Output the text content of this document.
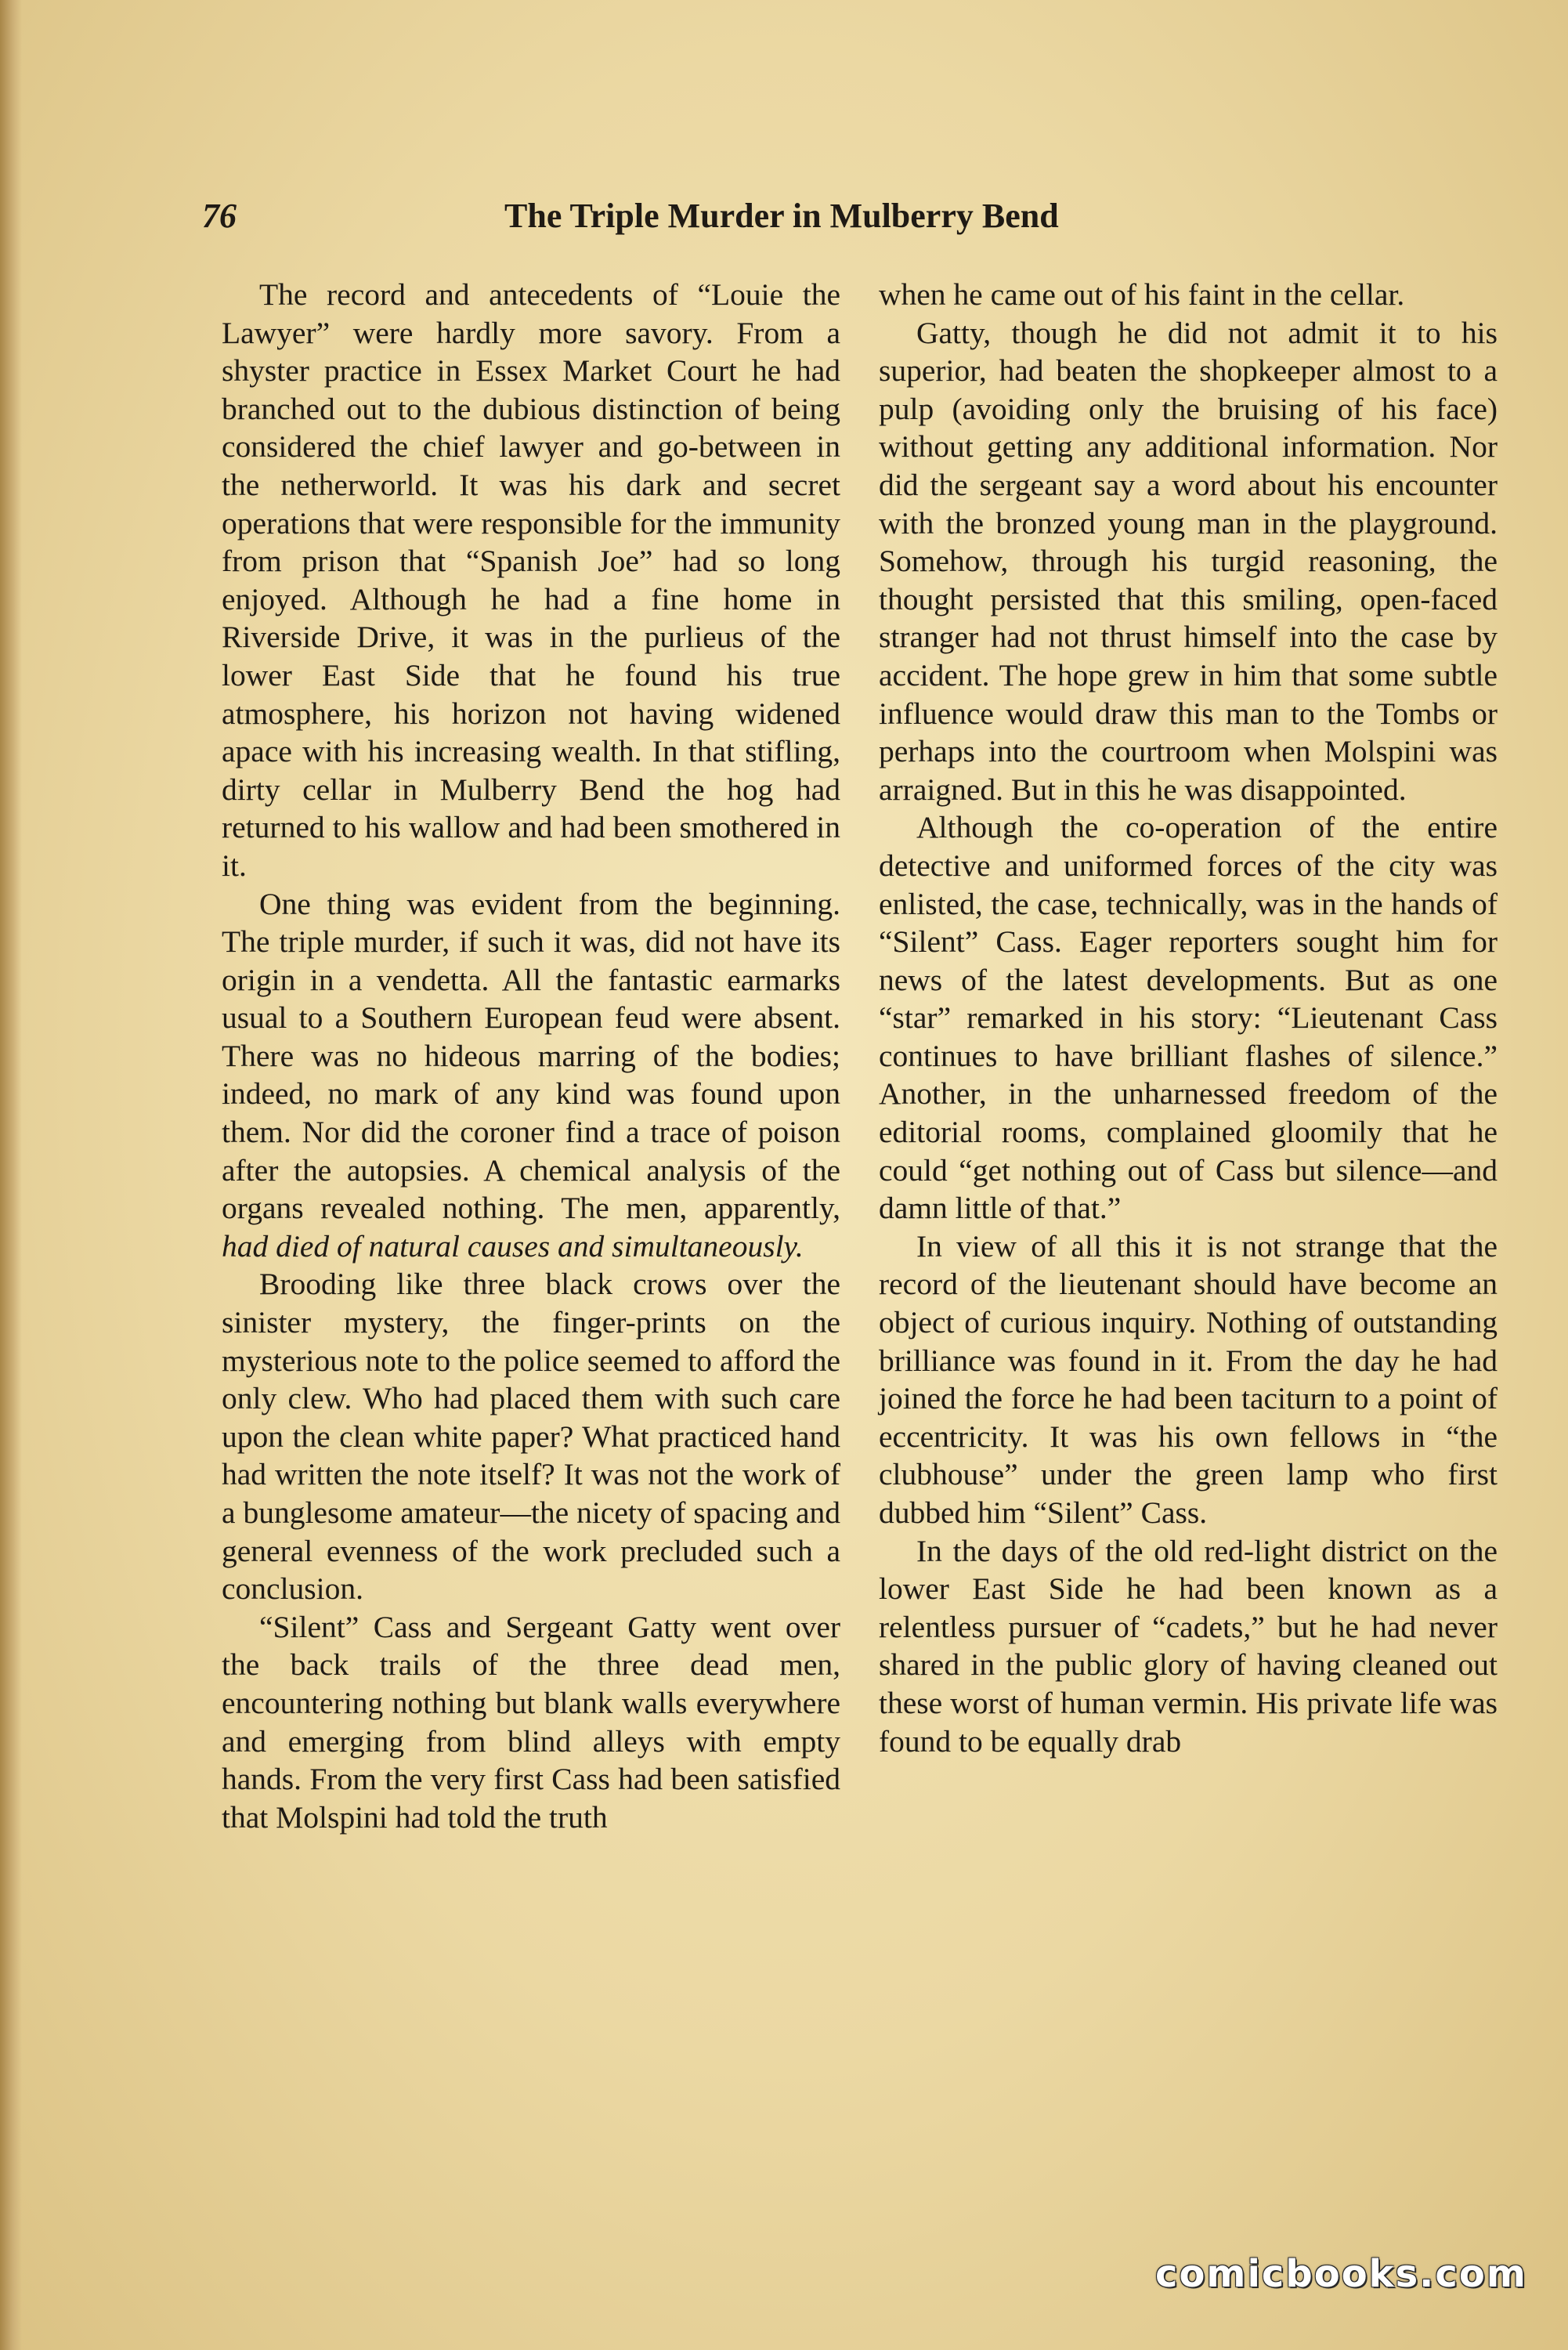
76	The Triple Murder in Mulberry Bend

The record and antecedents of “Louie the Lawyer” were hardly more savory. From a shyster practice in Essex Market Court he had branched out to the dubious distinction of being considered the chief lawyer and go-between in the netherworld. It was his dark and secret operations that were responsible for the immunity from prison that “Spanish Joe” had so long enjoyed. Although he had a fine home in Riverside Drive, it was in the purlieus of the lower East Side that he found his true atmosphere, his horizon not having widened apace with his increasing wealth. In that stifling, dirty cellar in Mulberry Bend the hog had returned to his wallow and had been smothered in it.

One thing was evident from the beginning. The triple murder, if such it was, did not have its origin in a vendetta. All the fantastic earmarks usual to a Southern European feud were absent. There was no hideous marring of the bodies; indeed, no mark of any kind was found upon them. Nor did the coroner find a trace of poison after the autopsies. A chemical analysis of the organs revealed nothing. The men, apparently, had died of natural causes and simultaneously.

Brooding like three black crows over the sinister mystery, the finger-prints on the mysterious note to the police seemed to afford the only clew. Who had placed them with such care upon the clean white paper? What practiced hand had written the note itself? It was not the work of a bunglesome amateur—the nicety of spacing and general evenness of the work precluded such a conclusion.

“Silent” Cass and Sergeant Gatty went over the back trails of the three dead men, encountering nothing but blank walls everywhere and emerging from blind alleys with empty hands. From the very first Cass had been satisfied that Molspini had told the truth

when he came out of his faint in the cellar.

Gatty, though he did not admit it to his superior, had beaten the shopkeeper almost to a pulp (avoiding only the bruising of his face) without getting any additional information. Nor did the sergeant say a word about his encounter with the bronzed young man in the playground. Somehow, through his turgid reasoning, the thought persisted that this smiling, open-faced stranger had not thrust himself into the case by accident. The hope grew in him that some subtle influence would draw this man to the Tombs or perhaps into the courtroom when Molspini was arraigned. But in this he was disappointed.

Although the co-operation of the entire detective and uniformed forces of the city was enlisted, the case, technically, was in the hands of “Silent” Cass. Eager reporters sought him for news of the latest developments. But as one “star” remarked in his story: “Lieutenant Cass continues to have brilliant flashes of silence.” Another, in the unharnessed freedom of the editorial rooms, complained gloomily that he could “get nothing out of Cass but silence—and damn little of that.”

In view of all this it is not strange that the record of the lieutenant should have become an object of curious inquiry. Nothing of outstanding brilliance was found in it. From the day he had joined the force he had been taciturn to a point of eccentricity. It was his own fellows in “the clubhouse” under the green lamp who first dubbed him “Silent” Cass.

In the days of the old red-light district on the lower East Side he had been known as a relentless pursuer of “cadets,” but he had never shared in the public glory of having cleaned out these worst of human vermin. His private life was found to be equally drab

comicbooks.com
